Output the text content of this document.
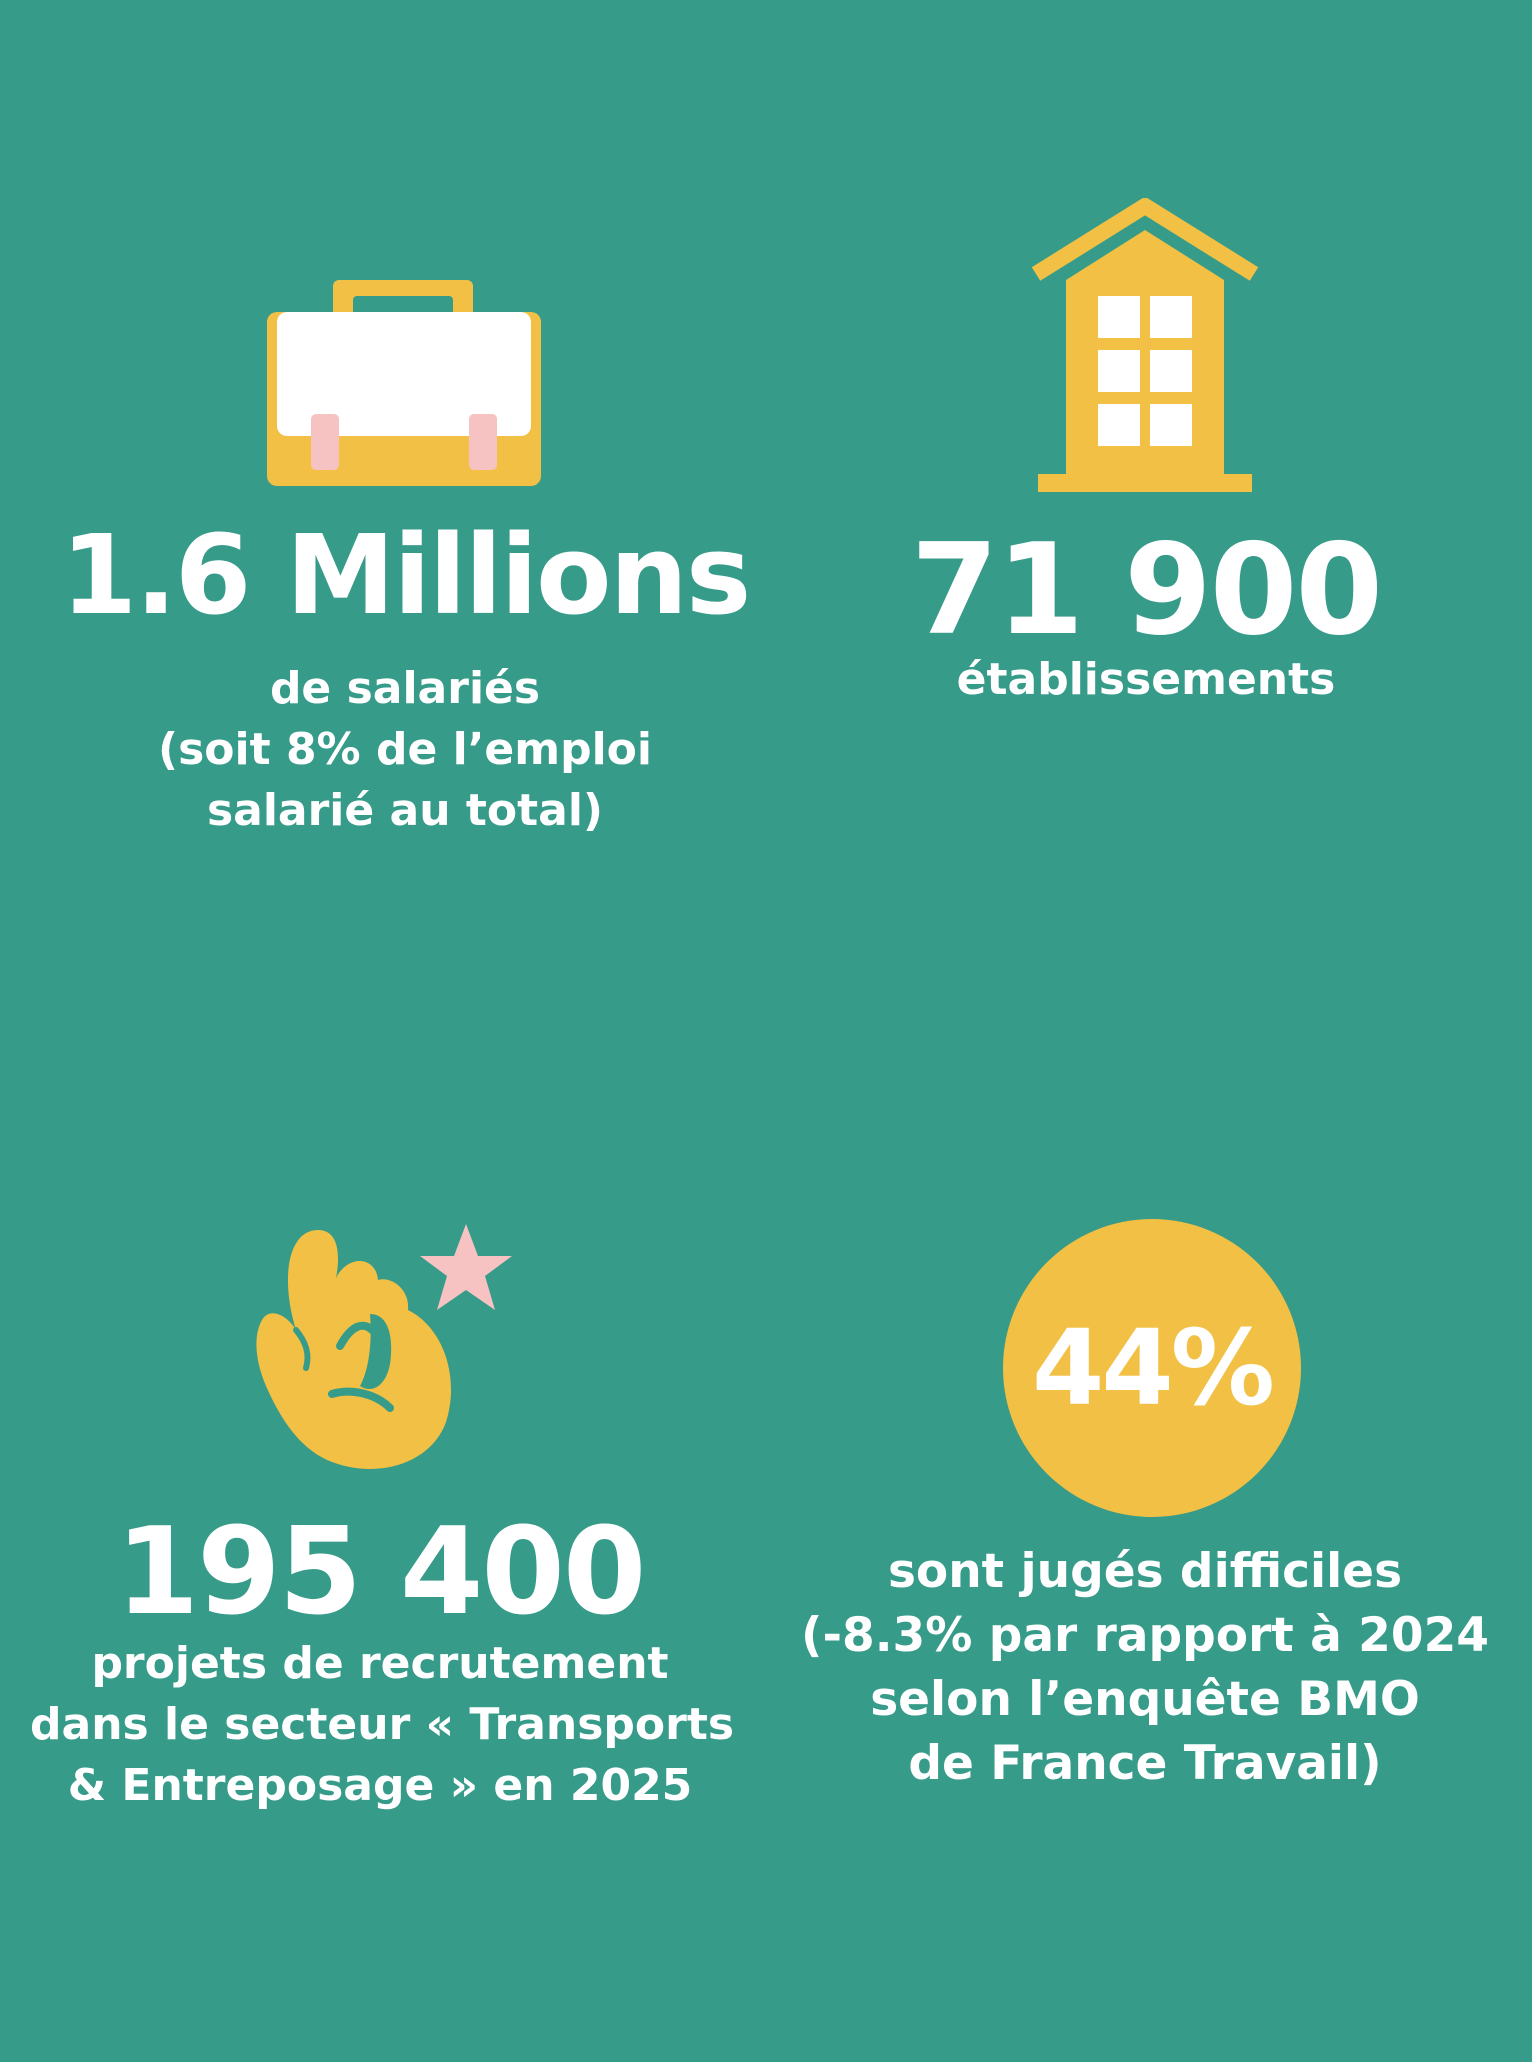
1.6 Millions
de salariés
(soit 8% de l’emploi
salarié au total)
71 900
établissements
195 400
projets de recrutement
dans le secteur « Transports
& Entreposage » en 2025
44%
sont jugés difficiles
(-8.3% par rapport à 2024
selon l’enquête BMO
de France Travail)
